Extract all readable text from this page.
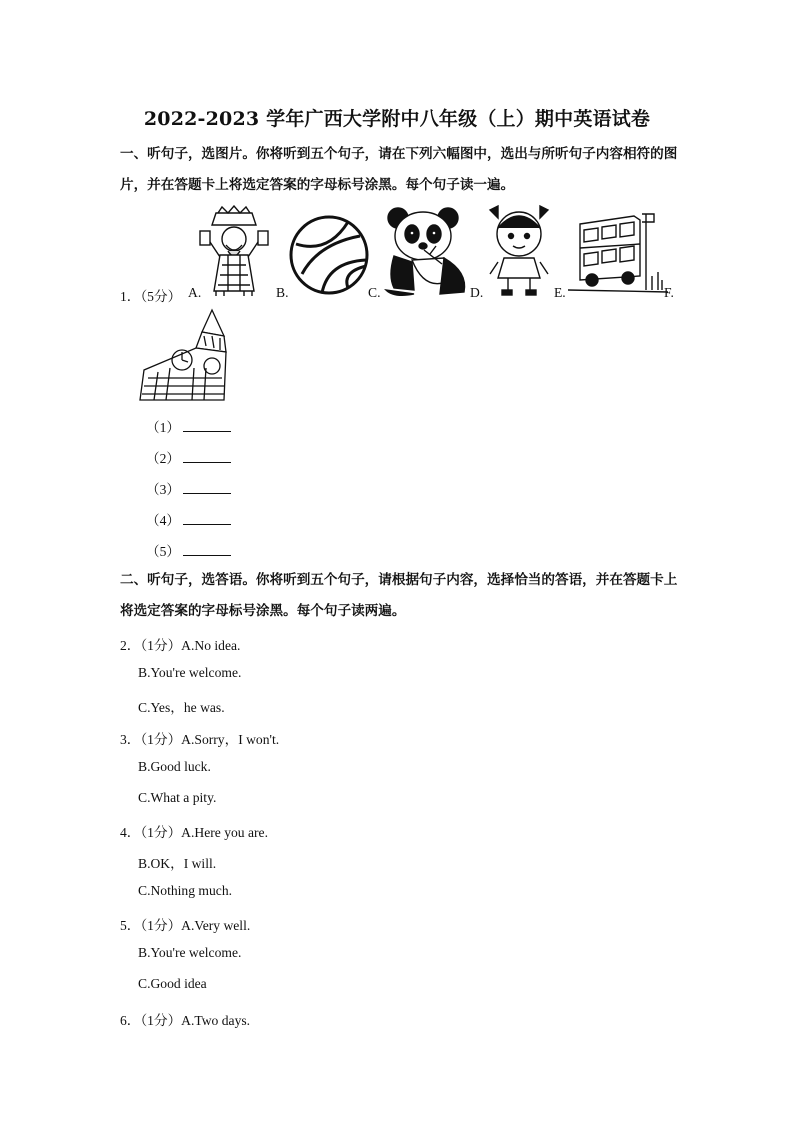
2022-2023 学年广西大学附中八年级（上）期中英语试卷
一、听句子，选图片。你将听到五个句子，请在下列六幅图中，选出与所听句子内容相符的图片，并在答题卡上将选定答案的字母标号涂黑。每个句子读一遍。
1．（5分） A.	B.	C.	D.	E.	F.
（1）
（2）
（3）
（4）
（5）
二、听句子，选答语。你将听到五个句子，请根据句子内容，选择恰当的答语，并在答题卡上将选定答案的字母标号涂黑。每个句子读两遍。
2．（1分）A.No idea.
B.You're welcome.
C.Yes，he was.
3．（1分）A.Sorry，I won't.
B.Good luck.
C.What a pity.
4．（1分）A.Here you are.
B.OK，I will.
C.Nothing much.
5．（1分）A.Very well.
B.You're welcome.
C.Good idea
6．（1分）A.Two days.
